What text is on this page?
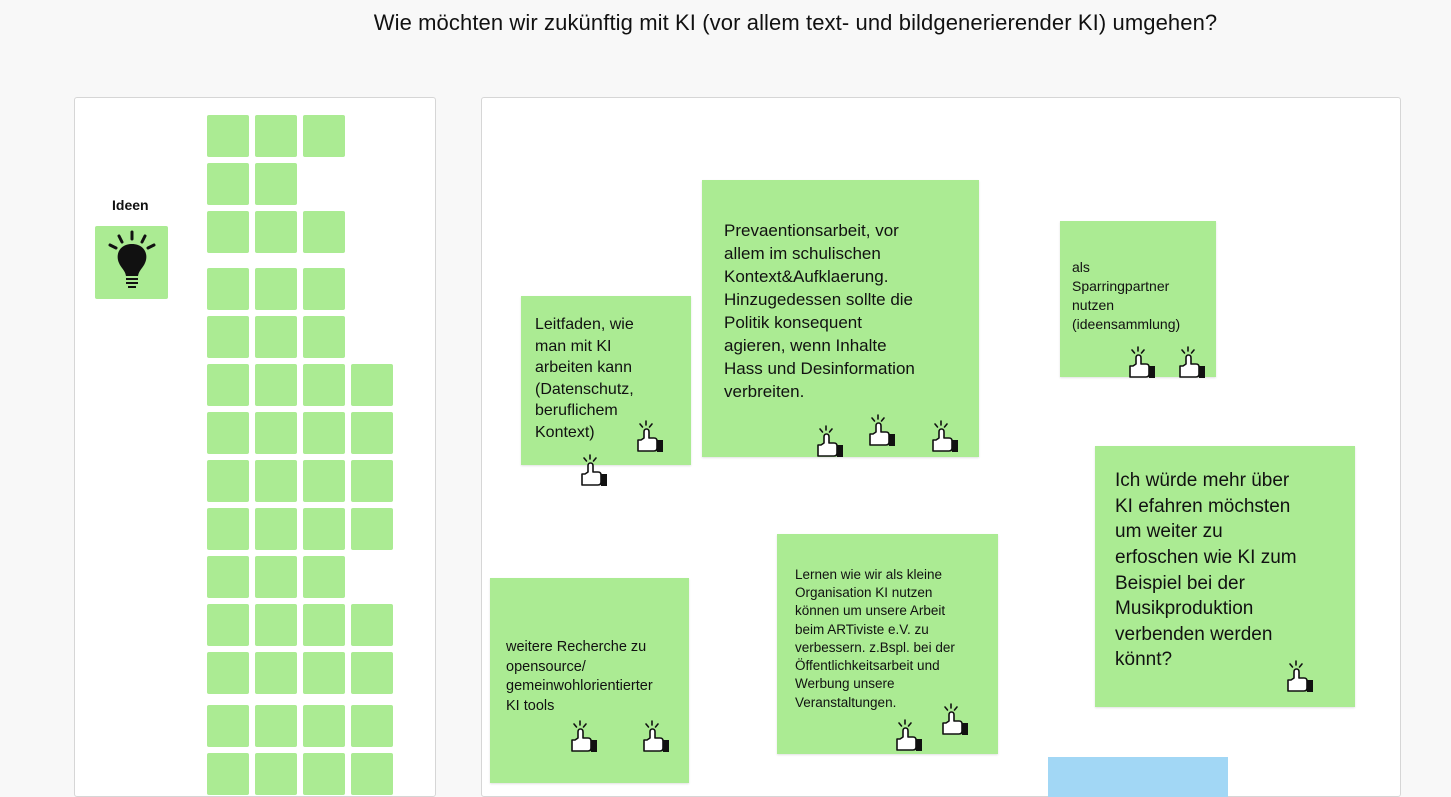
Wie möchten wir zukünftig mit KI (vor allem text- und bildgenerierender KI) umgehen?
Ideen
Leitfaden, wie
man mit KI
arbeiten kann
(Datenschutz,
beruflichem
Kontext)
Prevaentionsarbeit, vor
allem im schulischen
Kontext&Aufklaerung.
Hinzugedessen sollte die
Politik konsequent
agieren, wenn Inhalte
Hass und Desinformation
verbreiten.
als
Sparringpartner
nutzen
(ideensammlung)
Ich würde mehr über
KI efahren möchsten
um weiter zu
erfoschen wie KI zum
Beispiel bei der
Musikproduktion
verbenden werden
könnt?
Lernen wie wir als kleine
Organisation KI nutzen
können um unsere Arbeit
beim ARTiviste e.V. zu
verbessern. z.Bspl. bei der
Öffentlichkeitsarbeit und
Werbung unsere
Veranstaltungen.
weitere Recherche zu
opensource/
gemeinwohlorientierter
KI tools
